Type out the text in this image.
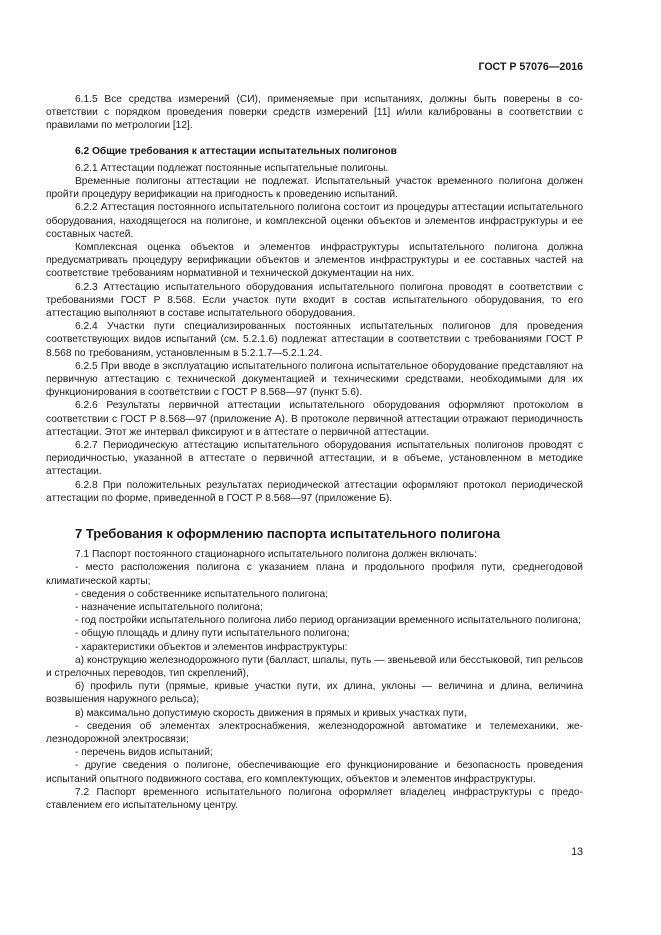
ГОСТ Р 57076—2016

6.1.5 Все средства измерений (СИ), применяемые при испытаниях, должны быть поверены в соответствии с порядком проведения поверки средств измерений [11] и/или калиброваны в соответствии с правилами по метрологии [12].

6.2 Общие требования к аттестации испытательных полигонов

6.2.1 Аттестации подлежат постоянные испытательные полигоны.

Временные полигоны аттестации не подлежат. Испытательный участок временного полигона должен пройти процедуру верификации на пригодность к проведению испытаний.

6.2.2 Аттестация постоянного испытательного полигона состоит из процедуры аттестации испытательного оборудования, находящегося на полигоне, и комплексной оценки объектов и элементов инфраструктуры и ее составных частей.

Комплексная оценка объектов и элементов инфраструктуры испытательного полигона должна предусматривать процедуру верификации объектов и элементов инфраструктуры и ее составных частей на соответствие требованиям нормативной и технической документации на них.

6.2.3 Аттестацию испытательного оборудования испытательного полигона проводят в соответствии с требованиями ГОСТ Р 8.568. Если участок пути входит в состав испытательного оборудования, то его аттестацию выполняют в составе испытательного оборудования.

6.2.4 Участки пути специализированных постоянных испытательных полигонов для проведения соответствующих видов испытаний (см. 5.2.1.6) подлежат аттестации в соответствии с требованиями ГОСТ Р 8.568 по требованиям, установленным в 5.2.1.7—5.2.1.24.

6.2.5 При вводе в эксплуатацию испытательного полигона испытательное оборудование представляют на первичную аттестацию с технической документацией и техническими средствами, необходимыми для их функционирования в соответствии с ГОСТ Р 8.568—97 (пункт 5.6).

6.2.6 Результаты первичной аттестации испытательного оборудования оформляют протоколом в соответствии с ГОСТ Р 8.568—97 (приложение А). В протоколе первичной аттестации отражают периодичность аттестации. Этот же интервал фиксируют и в аттестате о первичной аттестации.

6.2.7 Периодическую аттестацию испытательного оборудования испытательных полигонов проводят с периодичностью, указанной в аттестате о первичной аттестации, и в объеме, установленном в методике аттестации.

6.2.8 При положительных результатах периодической аттестации оформляют протокол периодической аттестации по форме, приведенной в ГОСТ Р 8.568—97 (приложение Б).

7 Требования к оформлению паспорта испытательного полигона

7.1 Паспорт постоянного стационарного испытательного полигона должен включать:

- место расположения полигона с указанием плана и продольного профиля пути, среднегодовой климатической карты;

- сведения о собственнике испытательного полигона;

- назначение испытательного полигона;

- год постройки испытательного полигона либо период организации временного испытательного полигона;

- общую площадь и длину пути испытательного полигона;

- характеристики объектов и элементов инфраструктуры:

а) конструкцию железнодорожного пути (балласт, шпалы, путь — звеньевой или бесстыковой, тип рельсов и стрелочных переводов, тип скреплений),

б) профиль пути (прямые, кривые участки пути, их длина, уклоны — величина и длина, величина возвышения наружного рельса);

в) максимально допустимую скорость движения в прямых и кривых участках пути,

- сведения об элементах электроснабжения, железнодорожной автоматике и телемеханики, железнодорожной электросвязи;

- перечень видов испытаний;

- другие сведения о полигоне, обеспечивающие его функционирование и безопасность проведения испытаний опытного подвижного состава, его комплектующих, объектов и элементов инфраструктуры.

7.2 Паспорт временного испытательного полигона оформляет владелец инфраструктуры с предоставлением его испытательному центру.

13
